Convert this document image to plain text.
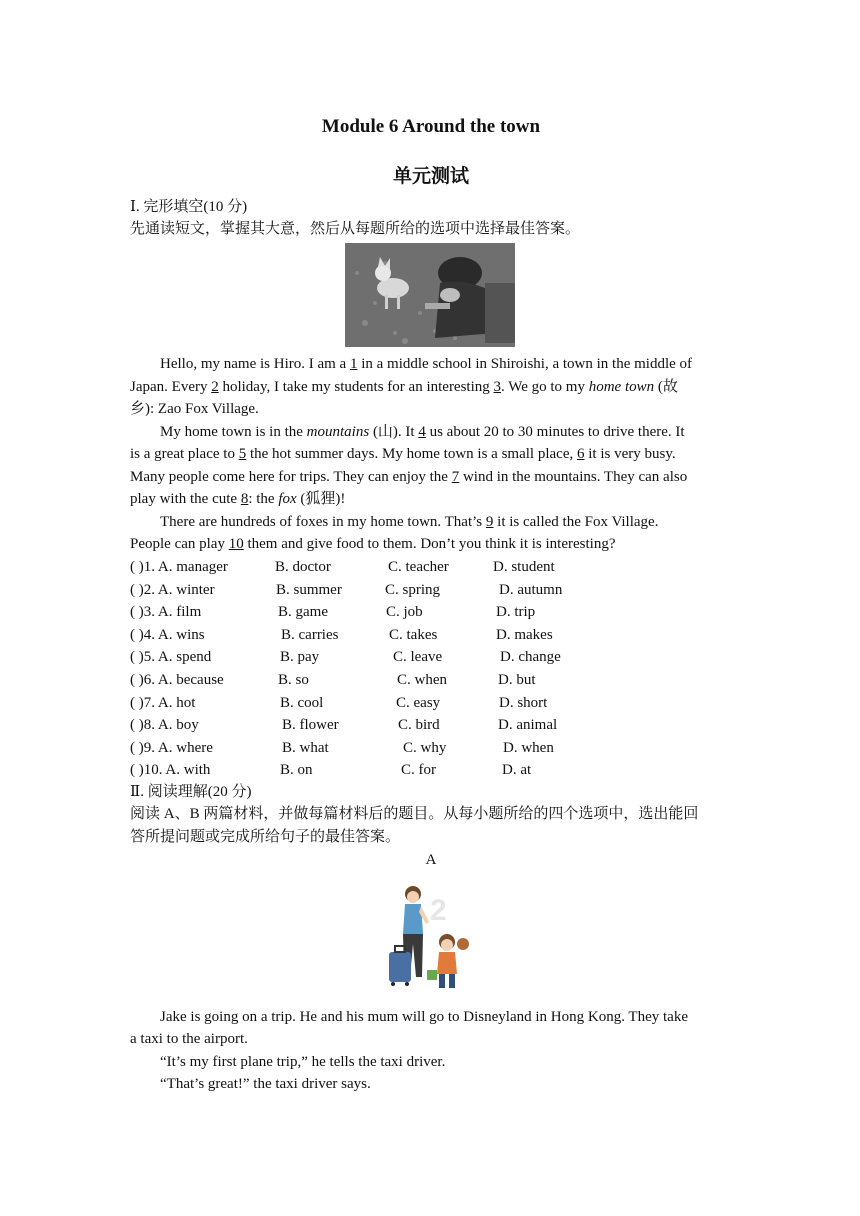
Module 6 Around the town
单元测试
Ⅰ. 完形填空(10 分)
先通读短文，掌握其大意，然后从每题所给的选项中选择最佳答案。
Hello, my name is Hiro. I am a 1 in a middle school in Shiroishi, a town in the middle of
Japan. Every 2 holiday, I take my students for an interesting 3. We go to my home town (故
乡): Zao Fox Village.
My home town is in the mountains (山). It 4 us about 20 to 30 minutes to drive there. It
is a great place to 5 the hot summer days. My home town is a small place, 6 it is very busy.
Many people come here for trips. They can enjoy the 7 wind in the mountains. They can also
play with the cute 8: the fox (狐狸)!
There are hundreds of foxes in my home town. That’s 9 it is called the Fox Village.
People can play 10 them and give food to them. Don’t you think it is interesting?
( )1. A. manager	B. doctor	C. teacher	D. student
( )2. A. winter	B. summer	C. spring	D. autumn
( )3. A. film	B. game	C. job	D. trip
( )4. A. wins	B. carries	C. takes	D. makes
( )5. A. spend	B. pay	C. leave	D. change
( )6. A. because	B. so	C. when	D. but
( )7. A. hot	B. cool	C. easy	D. short
( )8. A. boy	B. flower	C. bird	D. animal
( )9. A. where	B. what	C. why	D. when
( )10. A. with	B. on	C. for	D. at
Ⅱ. 阅读理解(20 分)
阅读 A、B 两篇材料，并做每篇材料后的题目。从每小题所给的四个选项中，选出能回
答所提问题或完成所给句子的最佳答案。
A
2
Jake is going on a trip. He and his mum will go to Disneyland in Hong Kong. They take
a taxi to the airport.
“It’s my first plane trip,” he tells the taxi driver.
“That’s great!” the taxi driver says.
